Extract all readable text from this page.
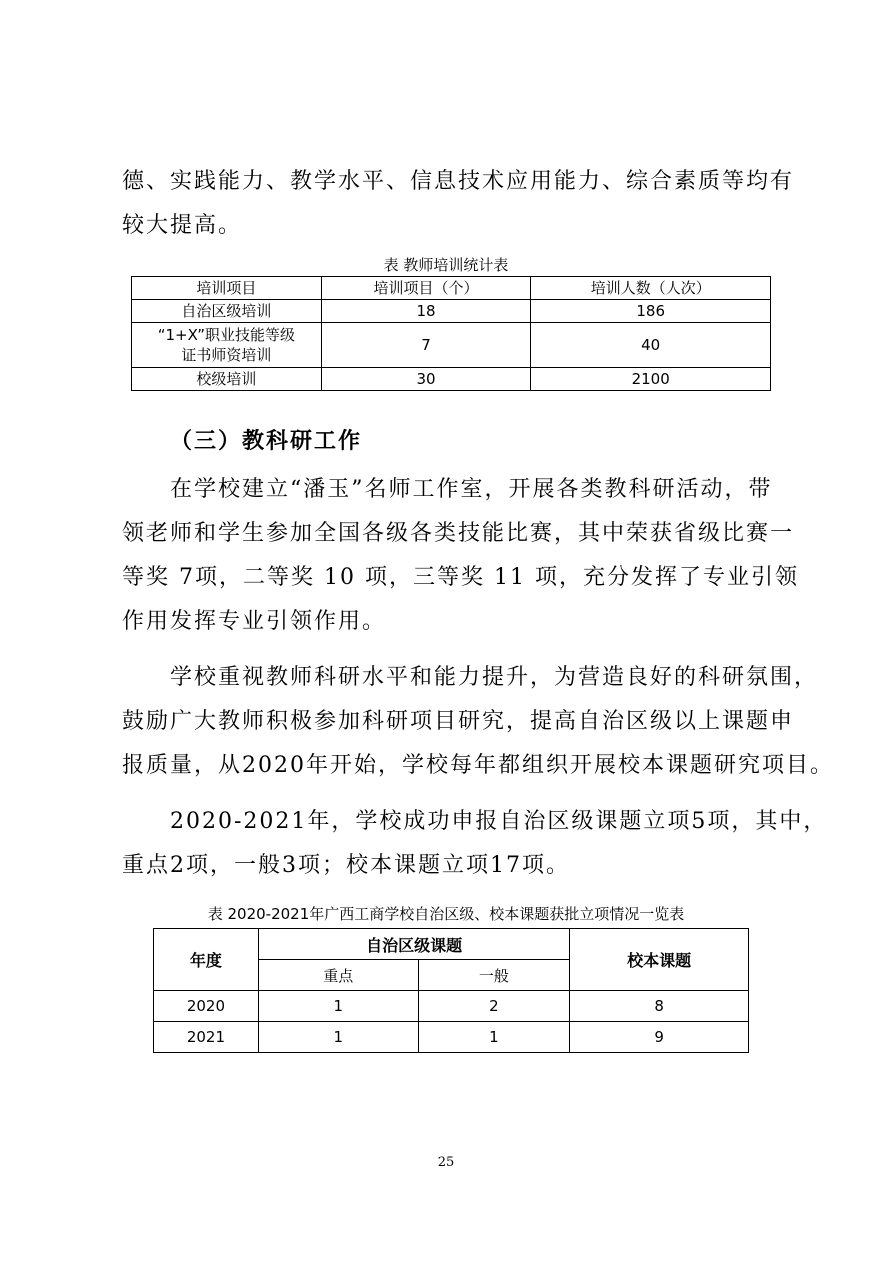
德、实践能力、教学水平、信息技术应用能力、综合素质等均有
较大提高。
表 教师培训统计表
培训项目	培训项目（个）	培训人数（人次）
自治区级培训	18	186

“1+X”职业技能等级
证书师资培训	7	40
校级培训	30	2100
（三）教科研工作
在学校建立“潘玉”名师工作室，开展各类教科研活动，带
领老师和学生参加全国各级各类技能比赛，其中荣获省级比赛一
等奖 7项，二等奖 10 项，三等奖 11 项，充分发挥了专业引领
作用发挥专业引领作用。
学校重视教师科研水平和能力提升，为营造良好的科研氛围，
鼓励广大教师积极参加科研项目研究，提高自治区级以上课题申
报质量，从2020年开始，学校每年都组织开展校本课题研究项目。
2020-2021年，学校成功申报自治区级课题立项5项，其中，
重点2项，一般3项；校本课题立项17项。
表 2020-2021年广西工商学校自治区级、校本课题获批立项情况一览表
年度	自治区级课题		校本课题
	重点	一般	
2020	1	2	8
2021	1	1	9
25
